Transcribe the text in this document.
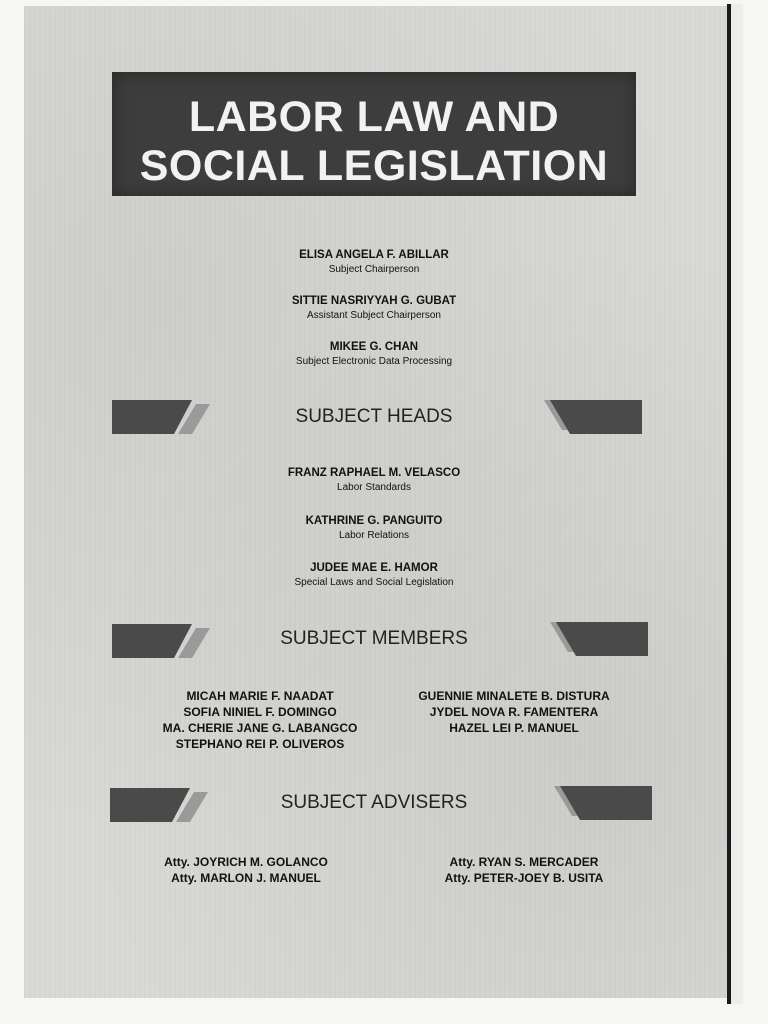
LABOR LAW AND
SOCIAL LEGISLATION
ELISA ANGELA F. ABILLAR
Subject Chairperson
SITTIE NASRIYYAH G. GUBAT
Assistant Subject Chairperson
MIKEE G. CHAN
Subject Electronic Data Processing
SUBJECT HEADS
FRANZ RAPHAEL M. VELASCO
Labor Standards
KATHRINE G. PANGUITO
Labor Relations
JUDEE MAE E. HAMOR
Special Laws and Social Legislation
SUBJECT MEMBERS
MICAH MARIE F. NAADAT
SOFIA NINIEL F. DOMINGO
MA. CHERIE JANE G. LABANGCO
STEPHANO REI P. OLIVEROS
GUENNIE MINALETE B. DISTURA
JYDEL NOVA R. FAMENTERA
HAZEL LEI P. MANUEL
SUBJECT ADVISERS
Atty. JOYRICH M. GOLANCO
Atty. MARLON J. MANUEL
Atty. RYAN S. MERCADER
Atty. PETER-JOEY B. USITA
